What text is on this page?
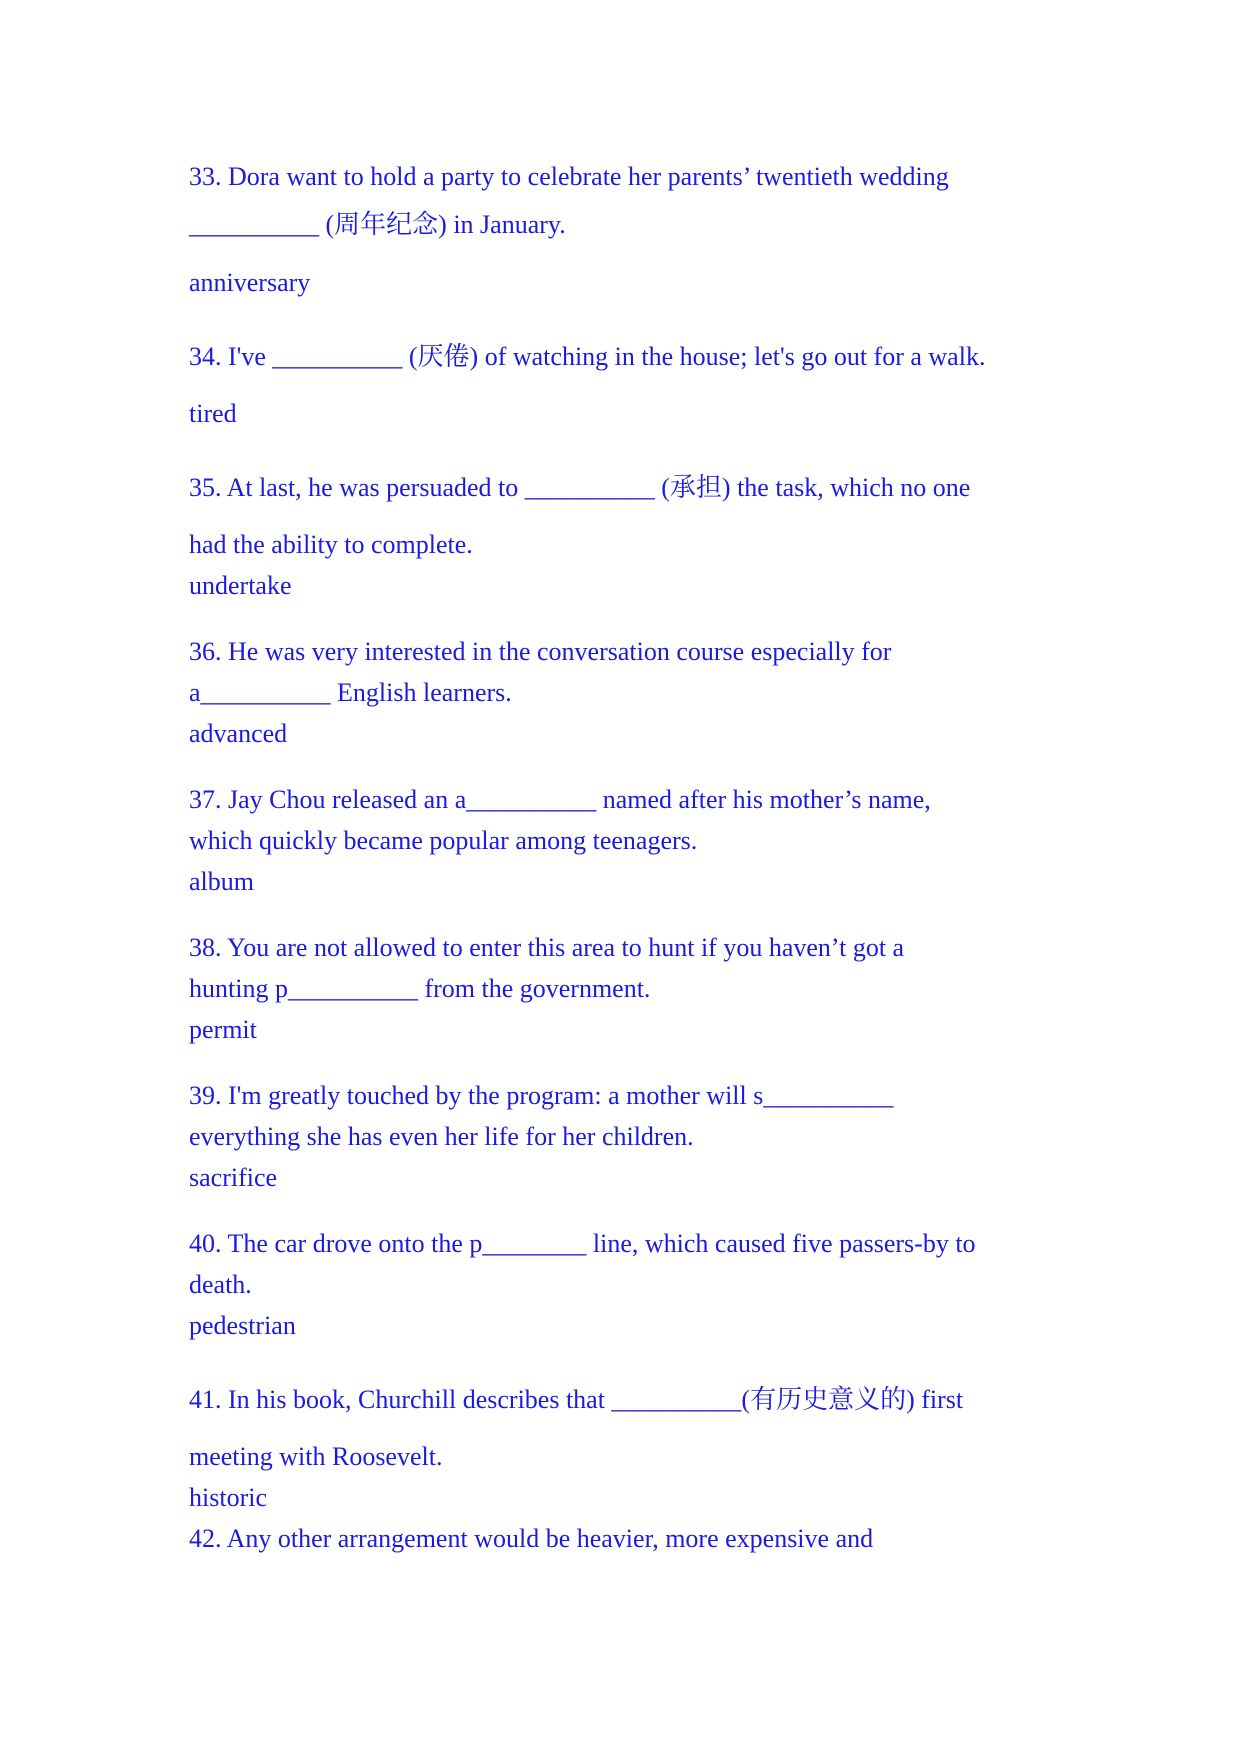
33. Dora want to hold a party to celebrate her parents’ twentieth wedding

__________ (周年纪念) in January.

anniversary

34. I've __________ (厌倦) of watching in the house; let's go out for a walk.

tired

35. At last, he was persuaded to __________ (承担) the task, which no one

had the ability to complete.

undertake

36. He was very interested in the conversation course especially for

a__________ English learners.

advanced

37. Jay Chou released an a__________ named after his mother’s name,

which quickly became popular among teenagers.

album

38. You are not allowed to enter this area to hunt if you haven’t got a

hunting p__________ from the government.

permit

39. I'm greatly touched by the program: a mother will s__________

everything she has even her life for her children.

sacrifice

40. The car drove onto the p________ line, which caused five passers-by to

death.

pedestrian

41. In his book, Churchill describes that __________(有历史意义的) first

meeting with Roosevelt.

historic

42. Any other arrangement would be heavier, more expensive and
